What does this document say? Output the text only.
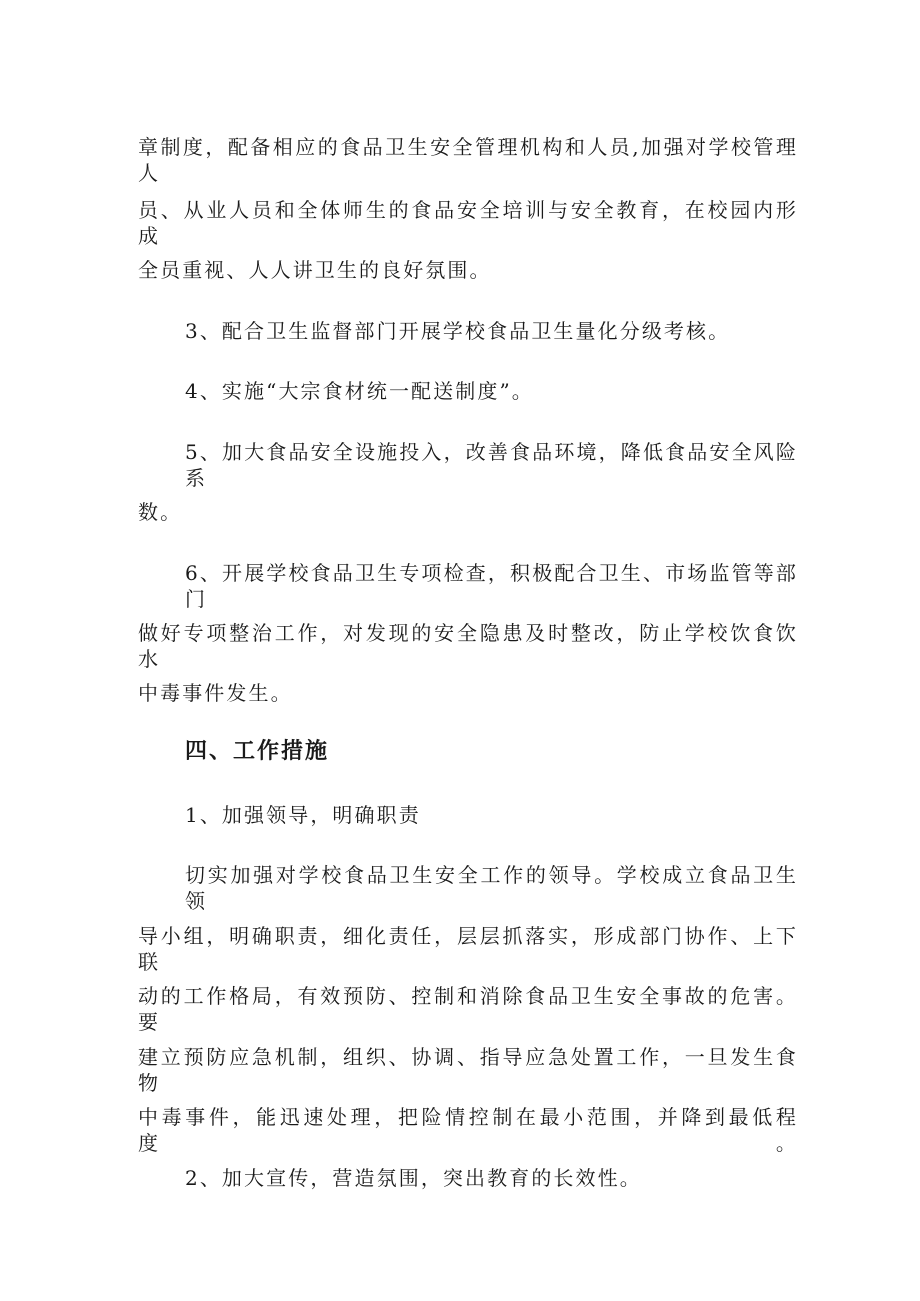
章制度，配备相应的食品卫生安全管理机构和人员,加强对学校管理人
员、从业人员和全体师生的食品安全培训与安全教育，在校园内形成
全员重视、人人讲卫生的良好氛围。
3、配合卫生监督部门开展学校食品卫生量化分级考核。
4、实施“大宗食材统一配送制度”。
5、加大食品安全设施投入，改善食品环境，降低食品安全风险系
数。
6、开展学校食品卫生专项检查，积极配合卫生、市场监管等部门
做好专项整治工作，对发现的安全隐患及时整改，防止学校饮食饮水
中毒事件发生。
四、工作措施
1、加强领导，明确职责
切实加强对学校食品卫生安全工作的领导。学校成立食品卫生领
导小组，明确职责，细化责任，层层抓落实，形成部门协作、上下联
动的工作格局，有效预防、控制和消除食品卫生安全事故的危害。要
建立预防应急机制，组织、协调、指导应急处置工作，一旦发生食物
中毒事件，能迅速处理，把险情控制在最小范围，并降到最低程度。
2、加大宣传，营造氛围，突出教育的长效性。
